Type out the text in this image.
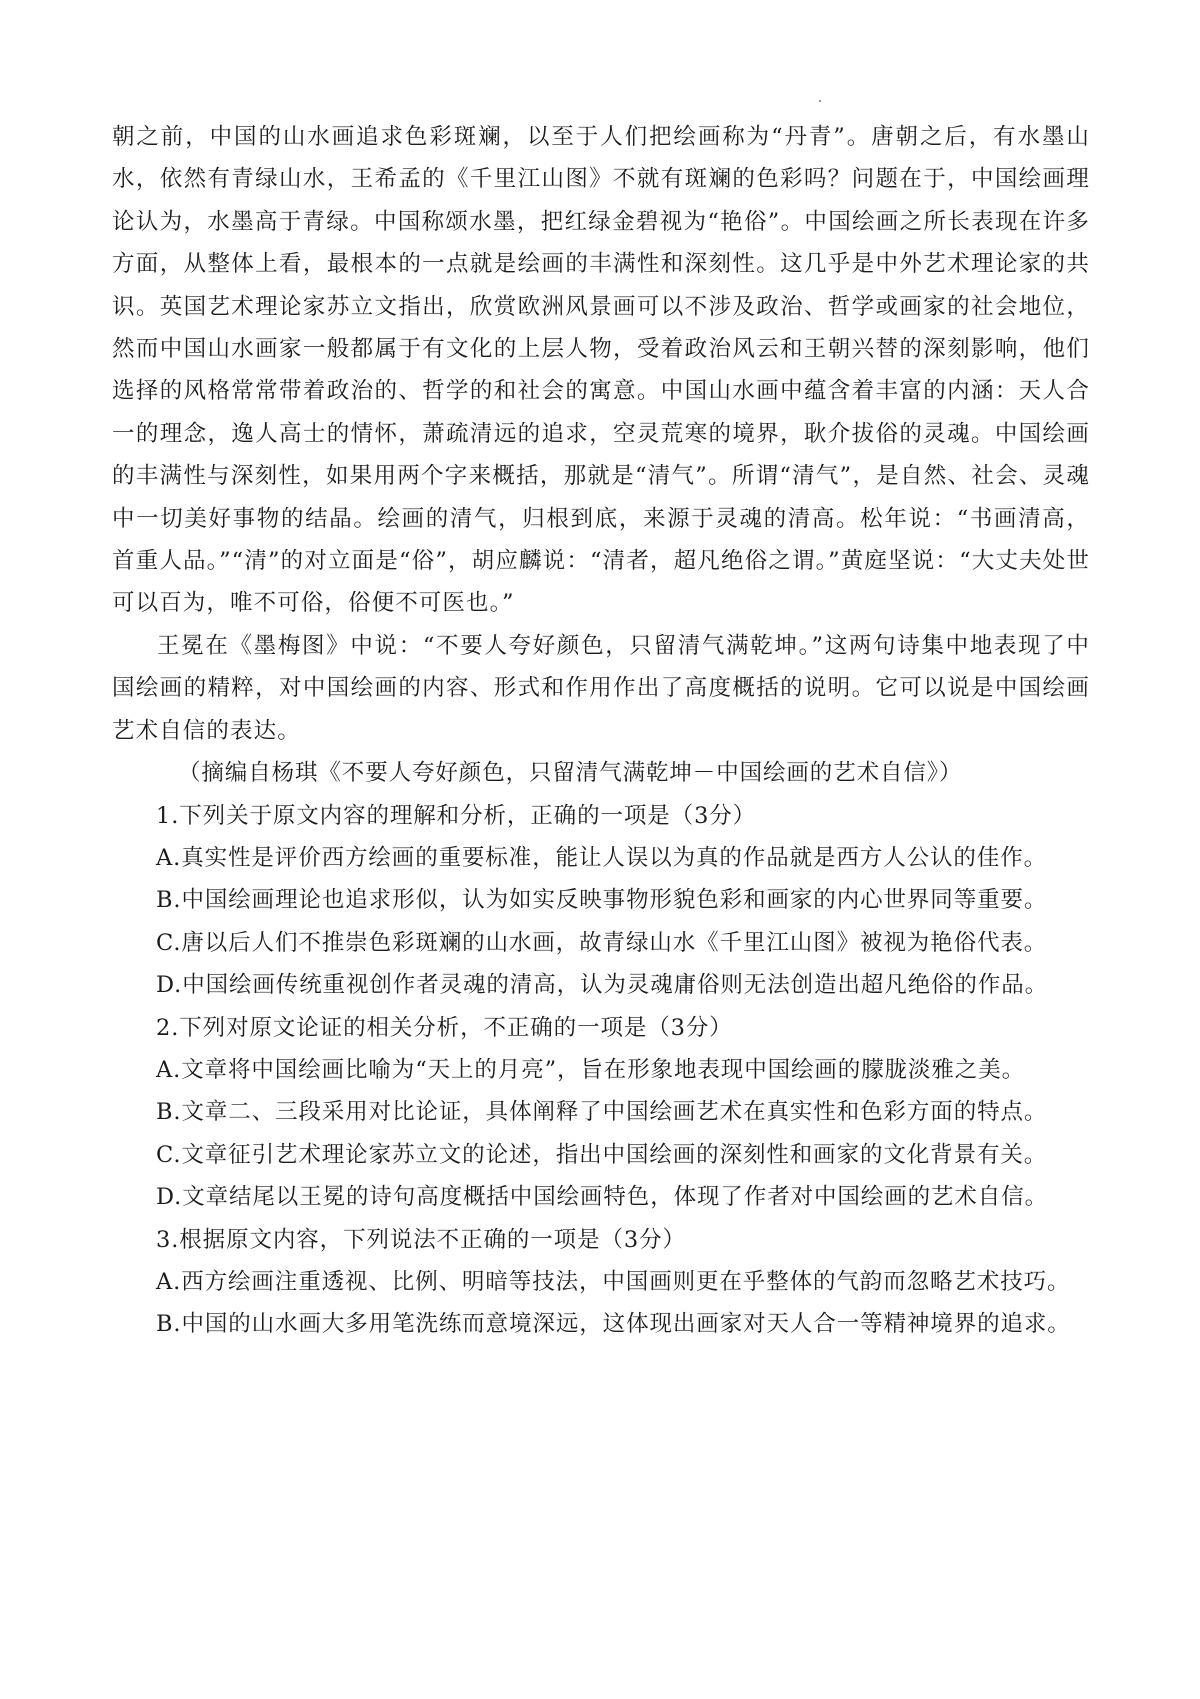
朝之前，中国的山水画追求色彩斑斓，以至于人们把绘画称为“丹青”。唐朝之后，有水墨山水，依然有青绿山水，王希孟的《千里江山图》不就有斑斓的色彩吗？问题在于，中国绘画理论认为，水墨高于青绿。中国称颂水墨，把红绿金碧视为“艳俗”。中国绘画之所长表现在许多方面，从整体上看，最根本的一点就是绘画的丰满性和深刻性。这几乎是中外艺术理论家的共识。英国艺术理论家苏立文指出，欣赏欧洲风景画可以不涉及政治、哲学或画家的社会地位，然而中国山水画家一般都属于有文化的上层人物，受着政治风云和王朝兴替的深刻影响，他们选择的风格常常带着政治的、哲学的和社会的寓意。中国山水画中蕴含着丰富的内涵：天人合一的理念，逸人高士的情怀，萧疏清远的追求，空灵荒寒的境界，耿介拔俗的灵魂。中国绘画的丰满性与深刻性，如果用两个字来概括，那就是“清气”。所谓“清气”，是自然、社会、灵魂中一切美好事物的结晶。绘画的清气，归根到底，来源于灵魂的清高。松年说：“书画清高，首重人品。”“清”的对立面是“俗”，胡应麟说：“清者，超凡绝俗之谓。”黄庭坚说：“大丈夫处世可以百为，唯不可俗，俗便不可医也。”

王冕在《墨梅图》中说：“不要人夸好颜色，只留清气满乾坤。”这两句诗集中地表现了中国绘画的精粹，对中国绘画的内容、形式和作用作出了高度概括的说明。它可以说是中国绘画艺术自信的表达。

（摘编自杨琪《不要人夸好颜色，只留清气满乾坤－中国绘画的艺术自信》）

1.下列关于原文内容的理解和分析，正确的一项是（3分）

A.真实性是评价西方绘画的重要标准，能让人误以为真的作品就是西方人公认的佳作。

B.中国绘画理论也追求形似，认为如实反映事物形貌色彩和画家的内心世界同等重要。

C.唐以后人们不推崇色彩斑斓的山水画，故青绿山水《千里江山图》被视为艳俗代表。

D.中国绘画传统重视创作者灵魂的清高，认为灵魂庸俗则无法创造出超凡绝俗的作品。

2.下列对原文论证的相关分析，不正确的一项是（3分）

A.文章将中国绘画比喻为“天上的月亮”，旨在形象地表现中国绘画的朦胧淡雅之美。

B.文章二、三段采用对比论证，具体阐释了中国绘画艺术在真实性和色彩方面的特点。

C.文章征引艺术理论家苏立文的论述，指出中国绘画的深刻性和画家的文化背景有关。

D.文章结尾以王冕的诗句高度概括中国绘画特色，体现了作者对中国绘画的艺术自信。

3.根据原文内容，下列说法不正确的一项是（3分）

A.西方绘画注重透视、比例、明暗等技法，中国画则更在乎整体的气韵而忽略艺术技巧。

B.中国的山水画大多用笔洗练而意境深远，这体现出画家对天人合一等精神境界的追求。
